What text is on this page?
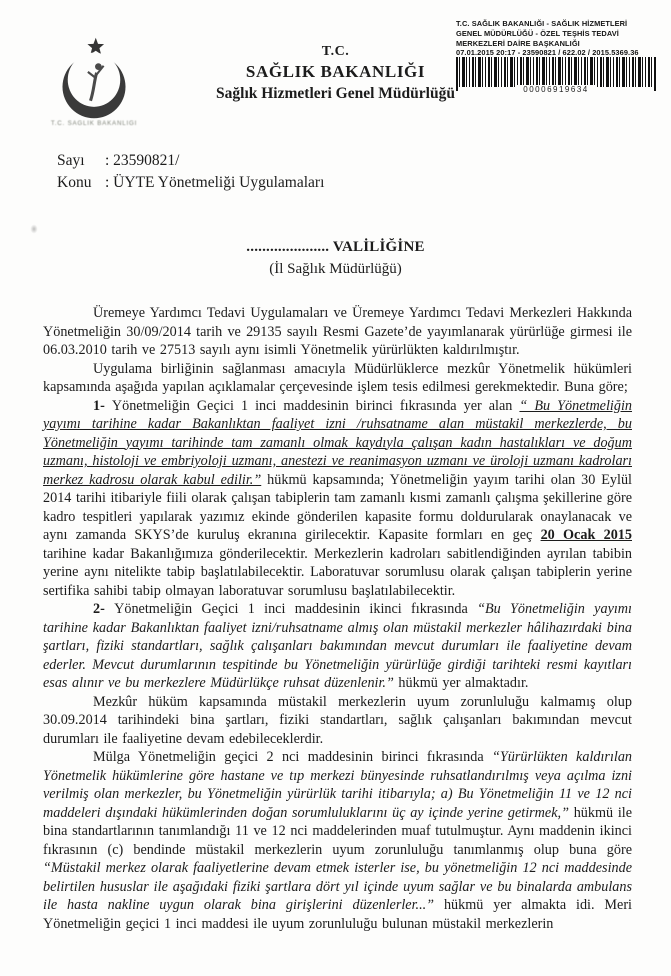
T.C. SAĞLIK BAKANLIĞI
T.C.
SAĞLIK BAKANLIĞI
Sağlık Hizmetleri Genel Müdürlüğü
T.C. SAĞLIK BAKANLIĞI - SAĞLIK HİZMETLERİ
GENEL MÜDÜRLÜĞÜ - ÖZEL TEŞHİS TEDAVİ
MERKEZLERİ DAİRE BAŞKANLIĞI
07.01.2015 20:17 - 23590821 / 622.02 / 2015.5369.36
00006919634
Sayı	: 23590821/
Konu : ÜYTE Yönetmeliği Uygulamaları
..................... VALİLİĞİNE
(İl Sağlık Müdürlüğü)

Üremeye Yardımcı Tedavi Uygulamaları ve Üremeye Yardımcı Tedavi Merkezleri Hakkında Yönetmeliğin 30/09/2014 tarih ve 29135 sayılı Resmi Gazete’de yayımlanarak yürürlüğe girmesi ile 06.03.2010 tarih ve 27513 sayılı aynı isimli Yönetmelik yürürlükten kaldırılmıştır.

Uygulama birliğinin sağlanması amacıyla Müdürlüklerce mezkûr Yönetmelik hükümleri kapsamında aşağıda yapılan açıklamalar çerçevesinde işlem tesis edilmesi gerekmektedir. Buna göre;

1- Yönetmeliğin Geçici 1 inci maddesinin birinci fıkrasında yer alan “ Bu Yönetmeliğin yayımı tarihine kadar Bakanlıktan faaliyet izni /ruhsatname alan müstakil merkezlerde, bu Yönetmeliğin yayımı tarihinde tam zamanlı olmak kaydıyla çalışan kadın hastalıkları ve doğum uzmanı, histoloji ve embriyoloji uzmanı, anestezi ve reanimasyon uzmanı ve üroloji uzmanı kadroları merkez kadrosu olarak kabul edilir.” hükmü kapsamında; Yönetmeliğin yayım tarihi olan 30 Eylül 2014 tarihi itibariyle fiili olarak çalışan tabiplerin tam zamanlı kısmi zamanlı çalışma şekillerine göre kadro tespitleri yapılarak yazımız ekinde gönderilen kapasite formu doldurularak onaylanacak ve aynı zamanda SKYS’de kuruluş ekranına girilecektir. Kapasite formları en geç 20 Ocak 2015 tarihine kadar Bakanlığımıza gönderilecektir. Merkezlerin kadroları sabitlendiğinden ayrılan tabibin yerine aynı nitelikte tabip başlatılabilecektir. Laboratuvar sorumlusu olarak çalışan tabiplerin yerine sertifika sahibi tabip olmayan laboratuvar sorumlusu başlatılabilecektir.

2- Yönetmeliğin Geçici 1 inci maddesinin ikinci fıkrasında “Bu Yönetmeliğin yayımı tarihine kadar Bakanlıktan faaliyet izni/ruhsatname almış olan müstakil merkezler hâlihazırdaki bina şartları, fiziki standartları, sağlık çalışanları bakımından mevcut durumları ile faaliyetine devam ederler. Mevcut durumlarının tespitinde bu Yönetmeliğin yürürlüğe girdiği tarihteki resmi kayıtları esas alınır ve bu merkezlere Müdürlükçe ruhsat düzenlenir.” hükmü yer almaktadır.

Mezkûr hüküm kapsamında müstakil merkezlerin uyum zorunluluğu kalmamış olup 30.09.2014 tarihindeki bina şartları, fiziki standartları, sağlık çalışanları bakımından mevcut durumları ile faaliyetine devam edebileceklerdir.

Mülga Yönetmeliğin geçici 2 nci maddesinin birinci fıkrasında “Yürürlükten kaldırılan Yönetmelik hükümlerine göre hastane ve tıp merkezi bünyesinde ruhsatlandırılmış veya açılma izni verilmiş olan merkezler, bu Yönetmeliğin yürürlük tarihi itibarıyla; a) Bu Yönetmeliğin 11 ve 12 nci maddeleri dışındaki hükümlerinden doğan sorumluluklarını üç ay içinde yerine getirmek,” hükmü ile bina standartlarının tanımlandığı 11 ve 12 nci maddelerinden muaf tutulmuştur. Aynı maddenin ikinci fıkrasının (c) bendinde müstakil merkezlerin uyum zorunluluğu tanımlanmış olup buna göre “Müstakil merkez olarak faaliyetlerine devam etmek isterler ise, bu yönetmeliğin 12 nci maddesinde belirtilen hususlar ile aşağıdaki fiziki şartlara dört yıl içinde uyum sağlar ve bu binalarda ambulans ile hasta nakline uygun olarak bina girişlerini düzenlerler...” hükmü yer almakta idi. Meri Yönetmeliğin geçici 1 inci maddesi ile uyum zorunluluğu bulunan müstakil merkezlerin
